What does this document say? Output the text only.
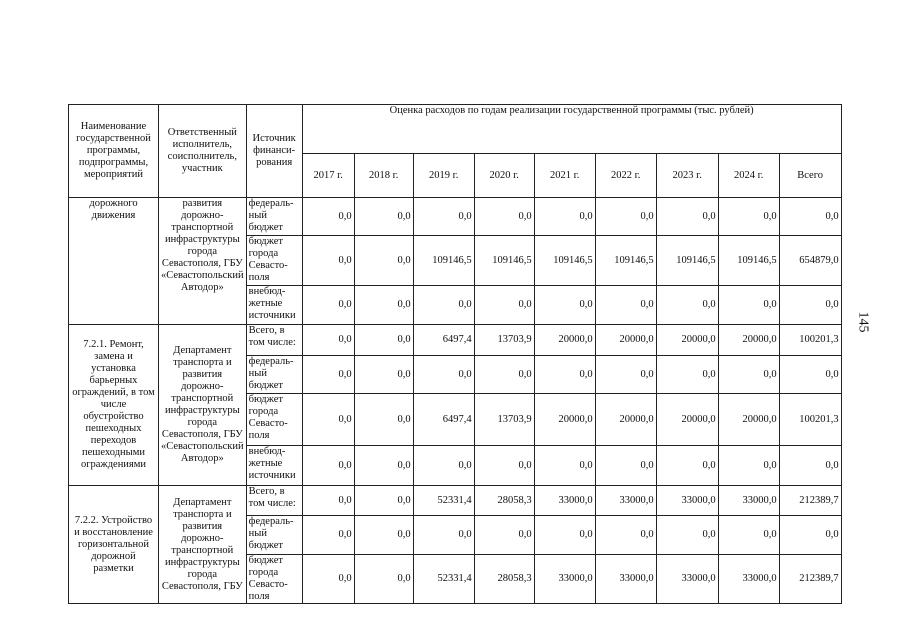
145
Наименование государственной программы, подпрограммы, мероприятий	Ответственный исполнитель, соисполнитель, участник	Источник финанси-рования	Оценка расходов по годам реализации государственной программы (тыс. рублей)								
			2017 г.	2018 г.	2019 г.	2020 г.	2021 г.	2022 г.	2023 г.	2024 г.	Всего
дорожного движения	развития дорожно-транспортной инфраструктуры города Севастополя, ГБУ «Севастопольский Автодор»	федераль-ный бюджет	0,0	0,0	0,0	0,0	0,0	0,0	0,0	0,0	0,0
		бюджет города Севасто-поля	0,0	0,0	109146,5	109146,5	109146,5	109146,5	109146,5	109146,5	654879,0
		внебюд-жетные источники	0,0	0,0	0,0	0,0	0,0	0,0	0,0	0,0	0,0
7.2.1. Ремонт, замена и установка барьерных ограждений, в том числе обустройство пешеходных переходов пешеходными ограждениями	Департамент транспорта и развития дорожно-транспортной инфраструктуры города Севастополя, ГБУ «Севастопольский Автодор»	Всего, в том числе:	0,0	0,0	6497,4	13703,9	20000,0	20000,0	20000,0	20000,0	100201,3
		федераль-ный бюджет	0,0	0,0	0,0	0,0	0,0	0,0	0,0	0,0	0,0
		бюджет города Севасто-поля	0,0	0,0	6497,4	13703,9	20000,0	20000,0	20000,0	20000,0	100201,3
		внебюд-жетные источники	0,0	0,0	0,0	0,0	0,0	0,0	0,0	0,0	0,0
7.2.2. Устройство и восстановление горизонтальной дорожной разметки	Департамент транспорта и развития дорожно-транспортной инфраструктуры города Севастополя, ГБУ	Всего, в том числе:	0,0	0,0	52331,4	28058,3	33000,0	33000,0	33000,0	33000,0	212389,7
		федераль-ный бюджет	0,0	0,0	0,0	0,0	0,0	0,0	0,0	0,0	0,0
		бюджет города Севасто-поля	0,0	0,0	52331,4	28058,3	33000,0	33000,0	33000,0	33000,0	212389,7
